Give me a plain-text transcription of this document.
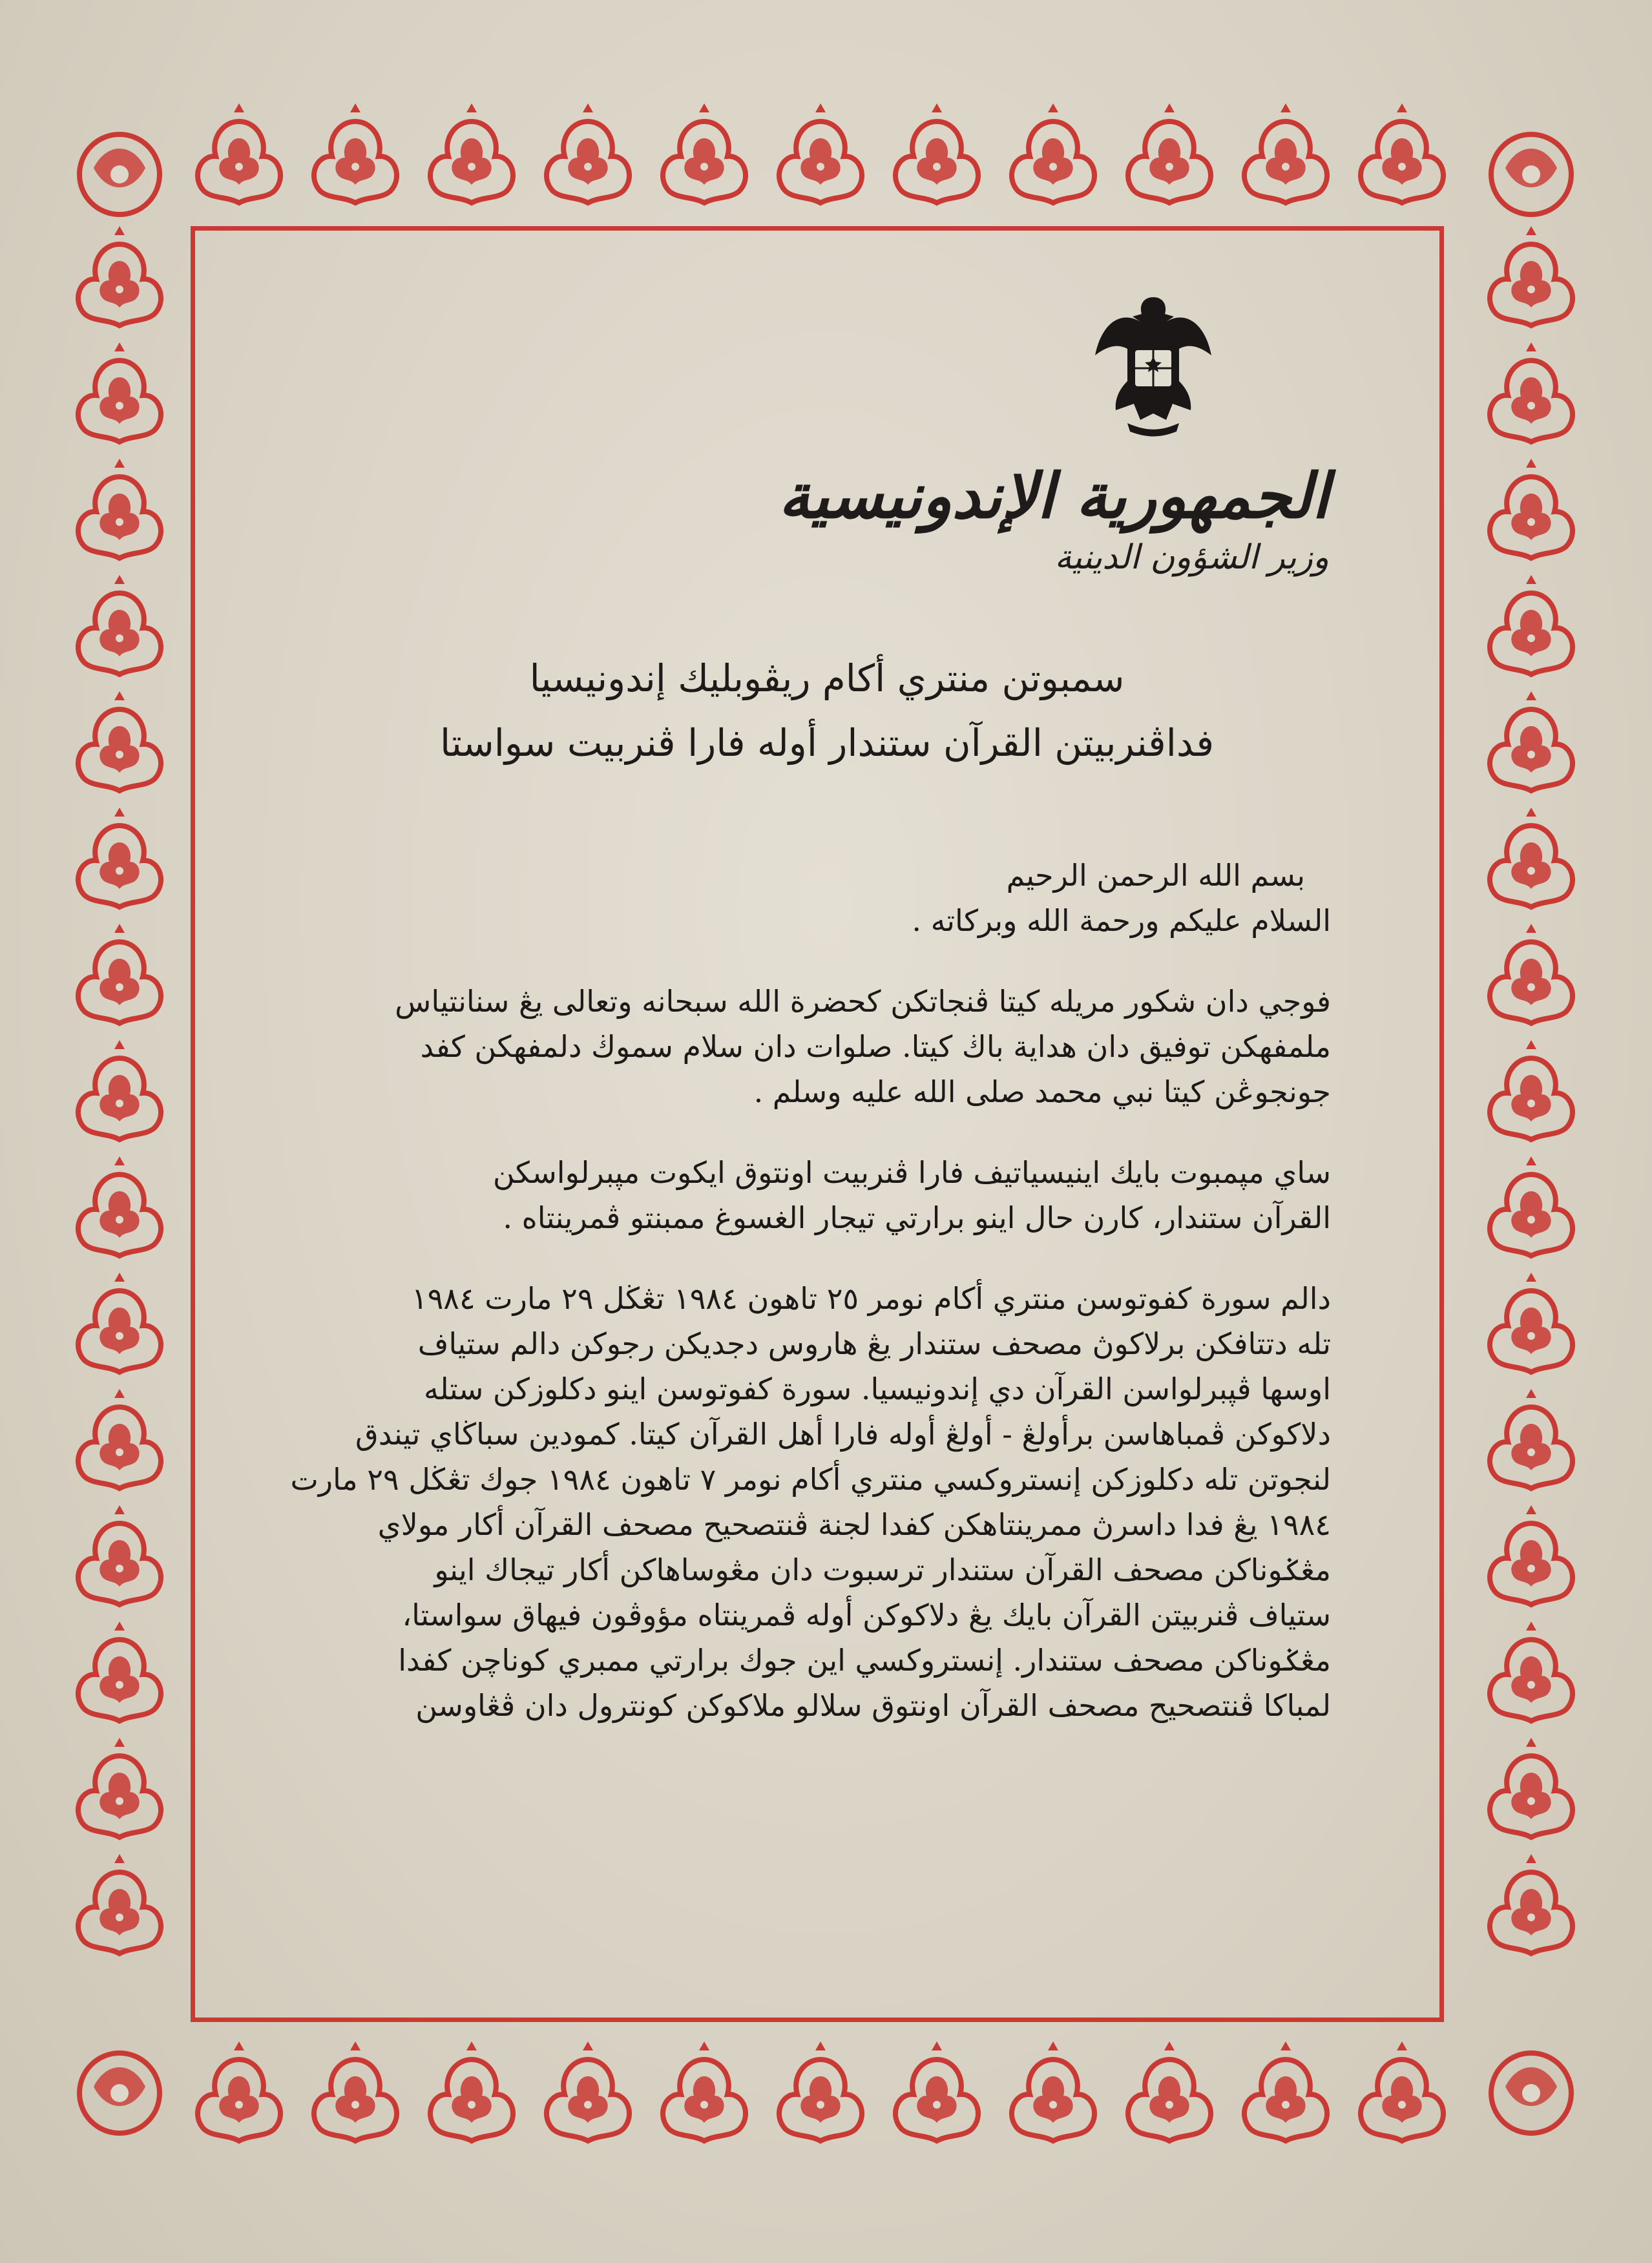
الجمهورية الإندونيسية
وزير الشؤون الدينية
سمبوتن منتري أكام ريڤوبليك إندونيسيا
فداڤنربيتن القرآن ستندار أوله فارا ڤنربيت سواستا
بسم الله الرحمن الرحيم
السلام عليكم ورحمة الله وبركاته .
فوجي دان شكور مريله كيتا ڤنجاتكن كحضرة الله سبحانه وتعالى يڠ سنانتياس
ملمفهكن توفيق دان هداية باڬ كيتا. صلوات دان سلام سموڬ دلمفهكن كفد
جونجوڠن كيتا نبي محمد صلى الله عليه وسلم .
ساي مڽمبوت بايك اينيسياتيف فارا ڤنربيت اونتوق ايكوت مڽبرلواسكن
القرآن ستندار، كارن حال اينو برارتي تيجار الغسوغ ممبنتو ڤمرينتاه .
دالم سورة كفوتوسن منتري أكام نومر ٢٥ تاهون ١٩٨٤ تڠڬل ٢٩ مارت ١٩٨٤
تله دتتافكن برلاكوڽ مصحف ستندار يڠ هاروس دجديكن رجوكن دالم ستياف
اوسها ڤڽبرلواسن القرآن دي إندونيسيا. سورة كفوتوسن اينو دكلوزكن ستله
دلاكوكن ڤمباهاسن برأولڠ - أولڠ أوله فارا أهل القرآن كيتا. كمودين سباڬاي تيندق
لنجوتن تله دكلوزكن إنستروكسي منتري أكام نومر ٧ تاهون ١٩٨٤ جوك تڠڬل ٢٩ مارت
١٩٨٤ يڠ فدا داسرڽ ممرينتاهكن كفدا لجنة ڤنتصحيح مصحف القرآن أكار مولاي
مڠݢوناكن مصحف القرآن ستندار ترسبوت دان مڠوساهاكن أكار تيجاك اينو
ستياف ڤنربيتن القرآن بايك يڠ دلاكوكن أوله ڤمرينتاه مؤوڤون فيهاق سواستا،
مڠݢوناكن مصحف ستندار. إنستروكسي اين جوك برارتي ممبري كوناچن كفدا
لمباكا ڤنتصحيح مصحف القرآن اونتوق سلالو ملاكوكن كونترول دان ڤڠاوسن
